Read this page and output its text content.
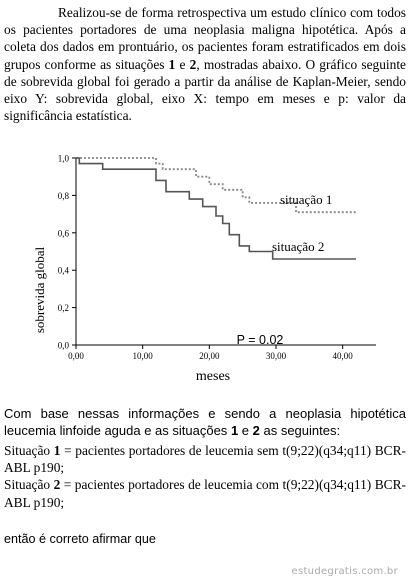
Realizou-se de forma retrospectiva um estudo clínico com todos os pacientes portadores de uma neoplasia maligna hipotética. Após a coleta dos dados em prontuário, os pacientes foram estratificados em dois grupos conforme as situações 1 e 2, mostradas abaixo. O gráfico seguinte de sobrevida global foi gerado a partir da análise de Kaplan-Meier, sendo eixo Y: sobrevida global, eixo X: tempo em meses e p: valor da significância estatística.
0,0
0,2
0,4
0,6
0,8
1,0
0,00	10,00	20,00	30,00	40,00
sobrevida global
meses
P = 0.02
situação 1
situação 2
Com base nessas informações e sendo a neoplasia hipotética leucemia linfoide aguda e as situações 1 e 2 as seguintes:
Situação 1 = pacientes portadores de leucemia sem t(9;22)(q34;q11) BCR-ABL p190;
Situação 2 = pacientes portadores de leucemia com t(9;22)(q34;q11) BCR-ABL p190;
então é correto afirmar que
estudegratis.com.br
